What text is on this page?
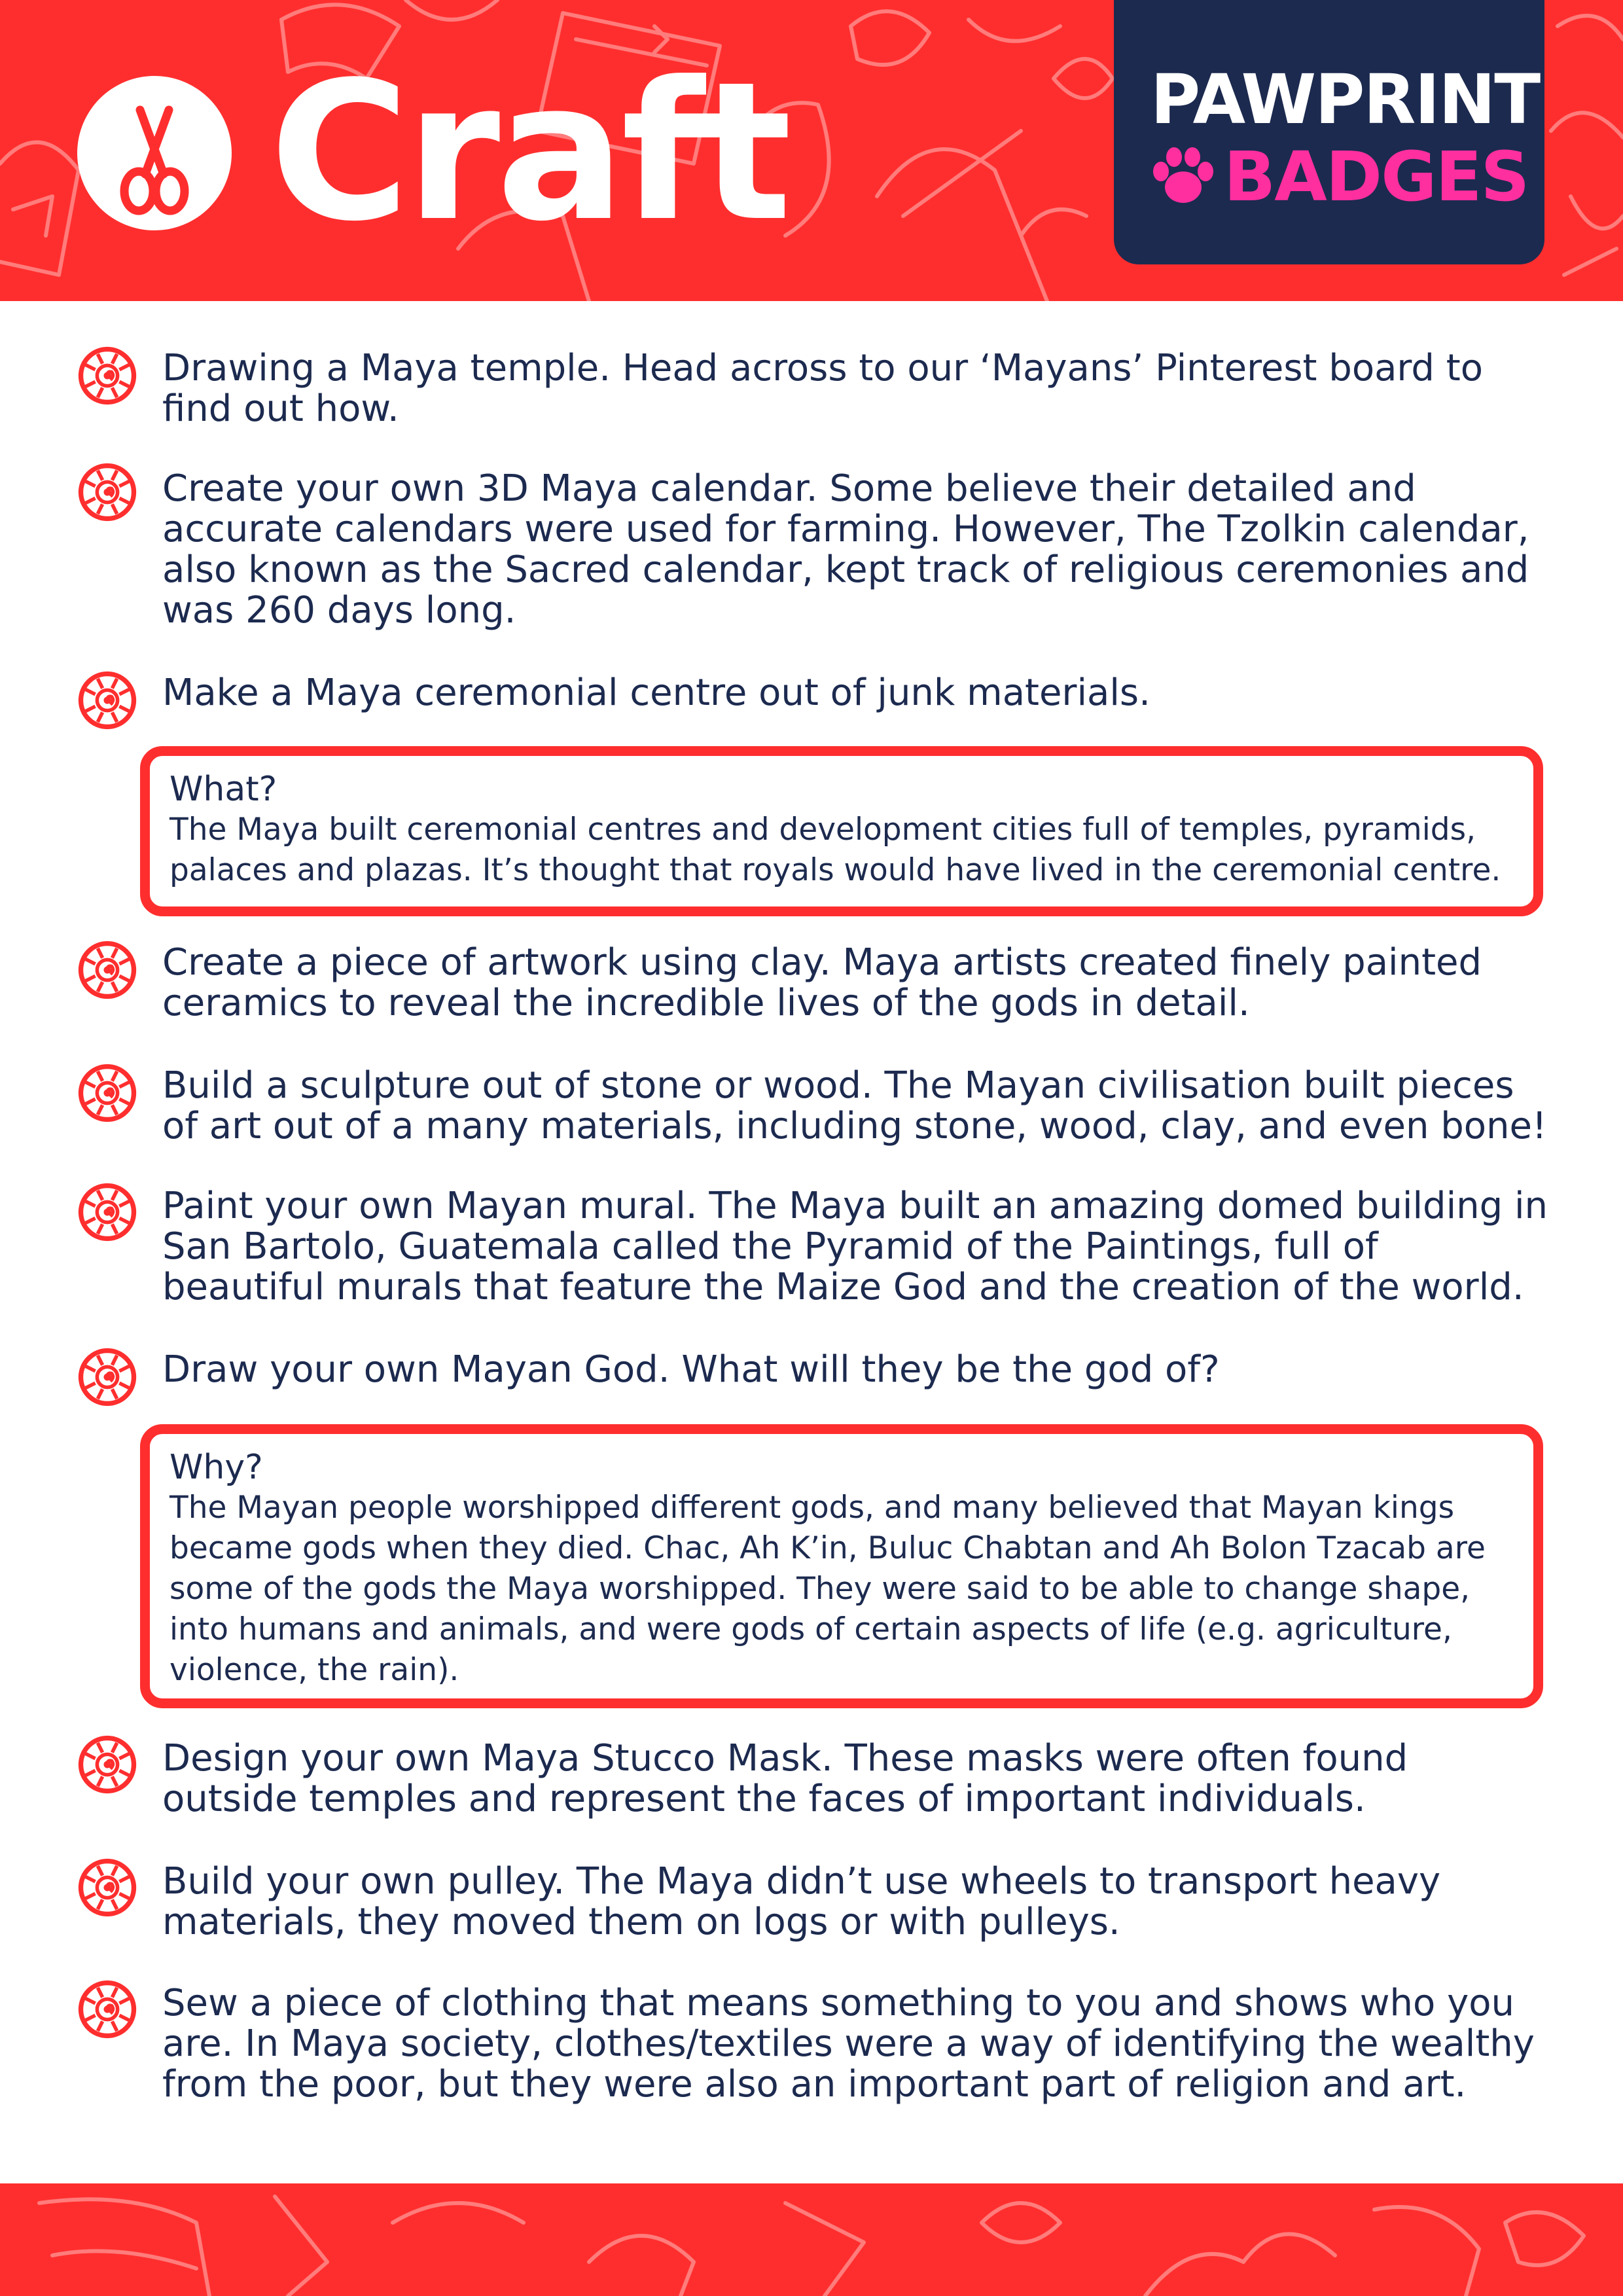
Craft	PAWPRINT
BADGES
Drawing a Maya temple. Head across to our ‘Mayans’ Pinterest board to find out how.
Create your own 3D Maya calendar. Some believe their detailed and accurate calendars were used for farming. However, The Tzolkin calendar, also known as the Sacred calendar, kept track of religious ceremonies and was 260 days long.
Make a Maya ceremonial centre out of junk materials.
What?
The Maya built ceremonial centres and development cities full of temples, pyramids, palaces and plazas. It’s thought that royals would have lived in the ceremonial centre.
Create a piece of artwork using clay. Maya artists created finely painted ceramics to reveal the incredible lives of the gods in detail.
Build a sculpture out of stone or wood. The Mayan civilisation built pieces of art out of a many materials, including stone, wood, clay, and even bone!
Paint your own Mayan mural. The Maya built an amazing domed building in San Bartolo, Guatemala called the Pyramid of the Paintings, full of beautiful murals that feature the Maize God and the creation of the world.
Draw your own Mayan God. What will they be the god of?
Why?
The Mayan people worshipped different gods, and many believed that Mayan kings became gods when they died. Chac, Ah K’in, Buluc Chabtan and Ah Bolon Tzacab are some of the gods the Maya worshipped. They were said to be able to change shape, into humans and animals, and were gods of certain aspects of life (e.g. agriculture, violence, the rain).
Design your own Maya Stucco Mask. These masks were often found outside temples and represent the faces of important individuals.
Build your own pulley. The Maya didn’t use wheels to transport heavy materials, they moved them on logs or with pulleys.
Sew a piece of clothing that means something to you and shows who you are. In Maya society, clothes/textiles were a way of identifying the wealthy from the poor, but they were also an important part of religion and art.
